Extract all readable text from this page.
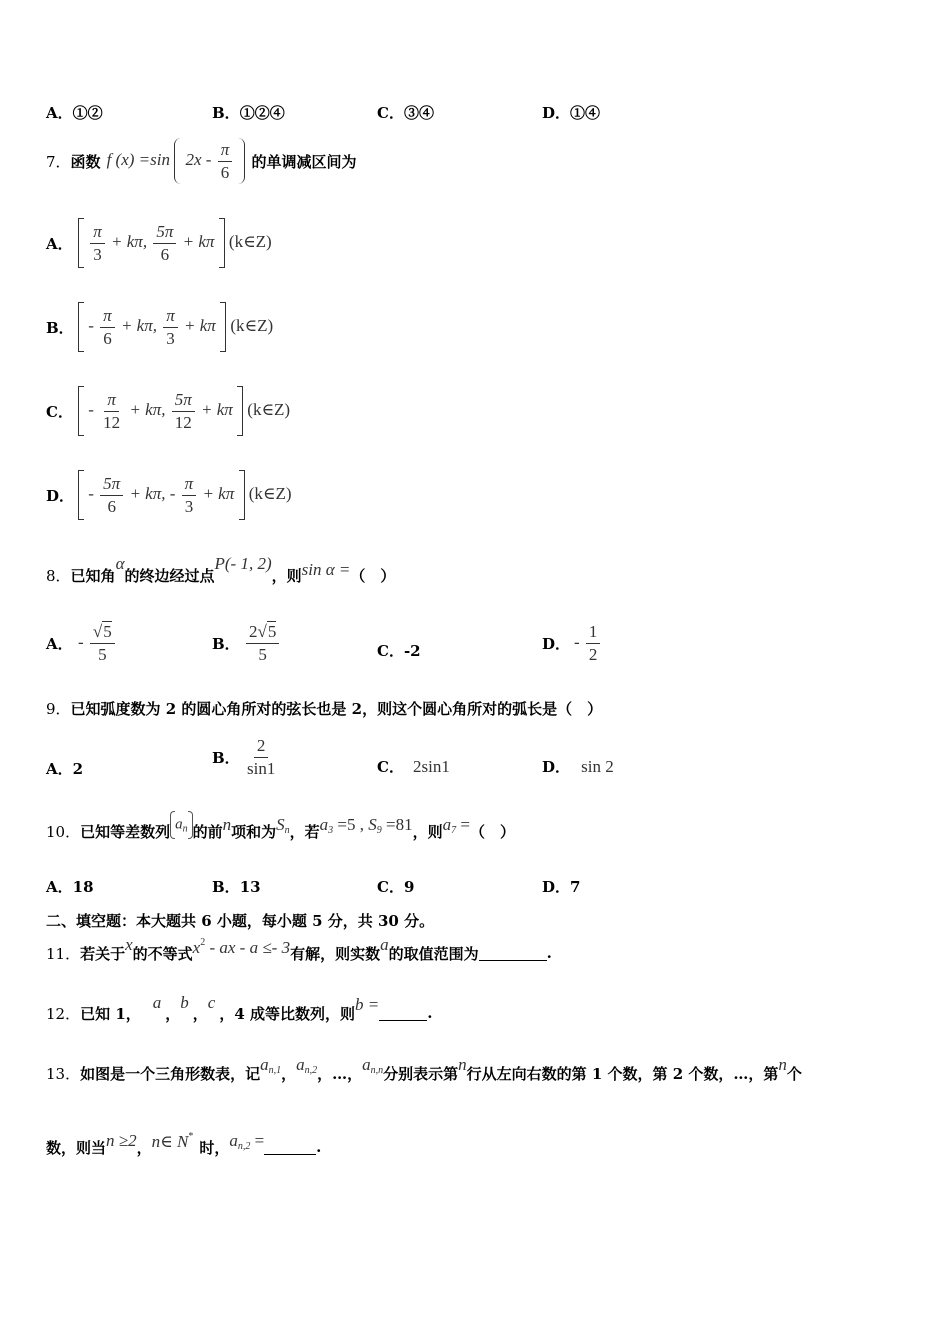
A．①②	B．①②④	C．③④	D．①④
7． 函数 f (x) =sin $2x - \frac{\pi}{6}$
的单调减区间为
A．
	$\frac{\pi}{3} + k\pi$, $\frac{5\pi}{6} + k\pi$ (k∈Z)
B． - $\frac{\pi}{6} + k\pi$, $\frac{\pi}{3} + k\pi$ (k∈Z)
C． - $\frac{\pi}{12} + k\pi$, $\frac{5\pi}{12} + k\pi$ (k∈Z)
D． - $\frac{5\pi}{6} + k\pi$, - $\frac{\pi}{3} + k\pi$ (k∈Z)
8． 已知角
α
的终边经过点
P(- 1, 2)
，则 sin α = （　）
A． - $\frac{√5}{5}$	B． $\frac{2√5}{5}$	C．-2	D． - $\frac{1}{2}$
9．已知弧度数为 2 的圆心角所对的弦长也是 2，则这个圆心角所对的弧长是（　）
A．2
B． $\frac{2}{\sin 1}$	C． 2sin1	D． sin 2
10． 已知等差数列 $a_n$ 的前 n 项和为 $S_n$ ，若 $a_3 =5$ , $S_9 =81$ ，则 $a_7$ = （　）
A．18	B．13	C．9	D．7
二、填空题：本大题共 6 小题，每小题 5 分，共 30 分。
11． 若关于 x 的不等式 $x^2$ - ax - a ≤- 3 有解，则实数 a 的取值范围为	.
12． 已知 1，
a
，
b
，
c
，4 成等比数列，则 b =	.
13． 如图是一个三角形数表，记 $a_{n,1}$ ， $a_{n,2}$ ，…， $a_{n,n}$ 分别表示第 n 行从左向右数的第 1 个数，第 2 个数，…，第 n 个
数，则当 n ≥2 ， n∈ N*
时， $a_{n,2}$ =	.
